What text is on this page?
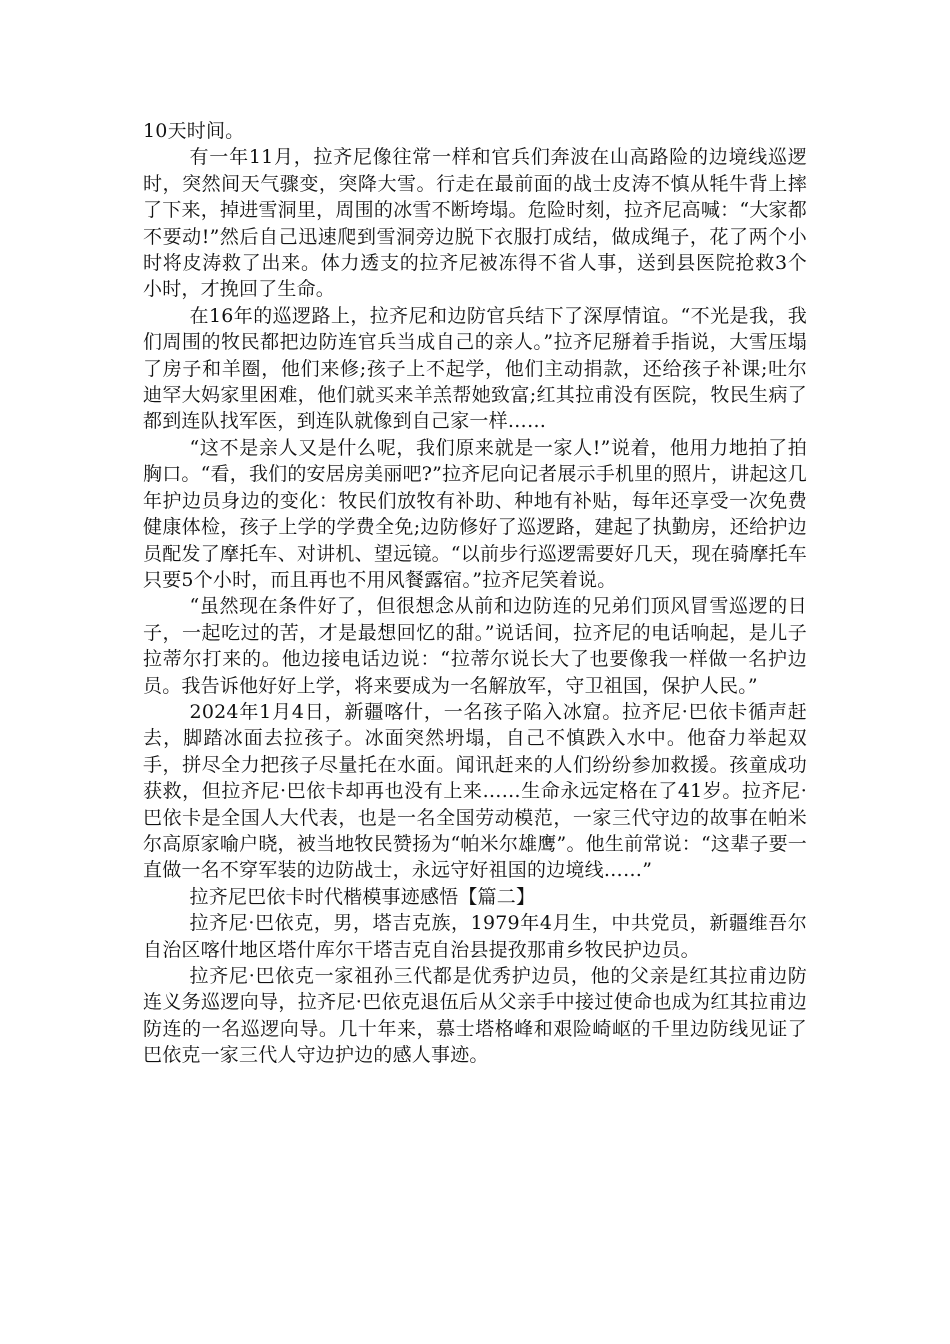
10天时间。

有一年11月，拉齐尼像往常一样和官兵们奔波在山高路险的边境线巡逻时，突然间天气骤变，突降大雪。行走在最前面的战士皮涛不慎从牦牛背上摔了下来，掉进雪洞里，周围的冰雪不断垮塌。危险时刻，拉齐尼高喊：“大家都不要动!”然后自己迅速爬到雪洞旁边脱下衣服打成结，做成绳子，花了两个小时将皮涛救了出来。体力透支的拉齐尼被冻得不省人事，送到县医院抢救3个小时，才挽回了生命。

在16年的巡逻路上，拉齐尼和边防官兵结下了深厚情谊。“不光是我，我们周围的牧民都把边防连官兵当成自己的亲人。”拉齐尼掰着手指说，大雪压塌了房子和羊圈，他们来修;孩子上不起学，他们主动捐款，还给孩子补课;吐尔迪罕大妈家里困难，他们就买来羊羔帮她致富;红其拉甫没有医院，牧民生病了都到连队找军医，到连队就像到自己家一样……

“这不是亲人又是什么呢，我们原来就是一家人!”说着，他用力地拍了拍胸口。“看，我们的安居房美丽吧?”拉齐尼向记者展示手机里的照片，讲起这几年护边员身边的变化：牧民们放牧有补助、种地有补贴，每年还享受一次免费健康体检，孩子上学的学费全免;边防修好了巡逻路，建起了执勤房，还给护边员配发了摩托车、对讲机、望远镜。“以前步行巡逻需要好几天，现在骑摩托车只要5个小时，而且再也不用风餐露宿。”拉齐尼笑着说。

“虽然现在条件好了，但很想念从前和边防连的兄弟们顶风冒雪巡逻的日子，一起吃过的苦，才是最想回忆的甜。”说话间，拉齐尼的电话响起，是儿子拉蒂尔打来的。他边接电话边说：“拉蒂尔说长大了也要像我一样做一名护边员。我告诉他好好上学，将来要成为一名解放军，守卫祖国，保护人民。”

2024年1月4日，新疆喀什，一名孩子陷入冰窟。拉齐尼·巴依卡循声赶去，脚踏冰面去拉孩子。冰面突然坍塌，自己不慎跌入水中。他奋力举起双手，拼尽全力把孩子尽量托在水面。闻讯赶来的人们纷纷参加救援。孩童成功获救，但拉齐尼·巴依卡却再也没有上来……生命永远定格在了41岁。拉齐尼·巴依卡是全国人大代表，也是一名全国劳动模范，一家三代守边的故事在帕米尔高原家喻户晓，被当地牧民赞扬为“帕米尔雄鹰”。他生前常说：“这辈子要一直做一名不穿军装的边防战士，永远守好祖国的边境线……”

拉齐尼巴依卡时代楷模事迹感悟【篇二】

拉齐尼·巴依克，男，塔吉克族，1979年4月生，中共党员，新疆维吾尔自治区喀什地区塔什库尔干塔吉克自治县提孜那甫乡牧民护边员。

拉齐尼·巴依克一家祖孙三代都是优秀护边员，他的父亲是红其拉甫边防连义务巡逻向导，拉齐尼·巴依克退伍后从父亲手中接过使命也成为红其拉甫边防连的一名巡逻向导。几十年来，慕士塔格峰和艰险崎岖的千里边防线见证了巴依克一家三代人守边护边的感人事迹。
